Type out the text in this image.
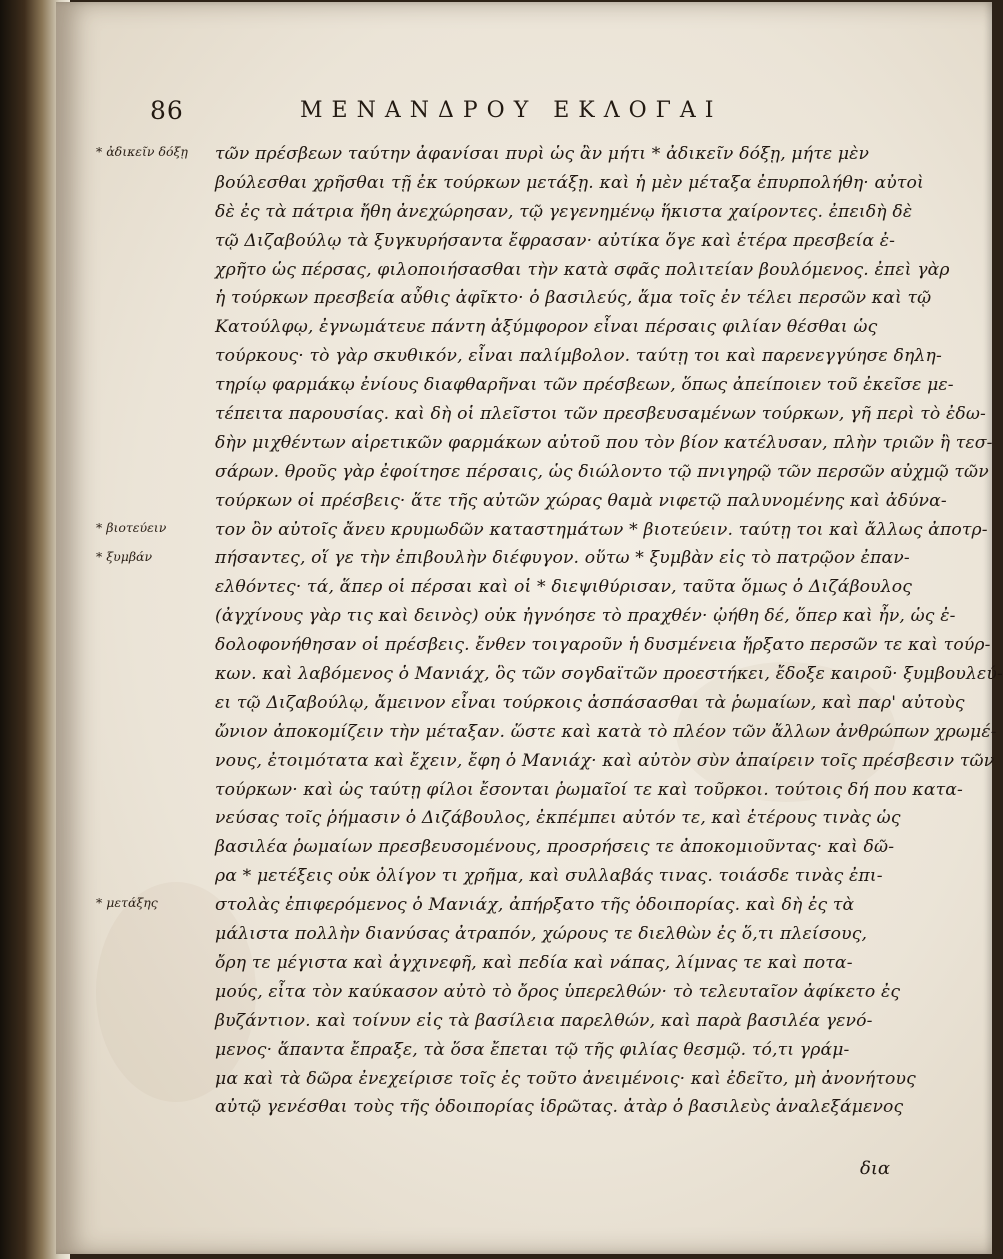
86	ΜΕΝΑΝΔΡΟΥ ΕΚΛΟΓΑΙ
* ἀδικεῖν δόξῃ
* βιοτεύειν
* ξυμβάν
* μετάξης
τῶν πρέσβεων ταύτην ἀφανίσαι πυρὶ ὡς ἂν μήτι * ἀδικεῖν δόξῃ, μήτε μὲν
βούλεσθαι χρῆσθαι τῇ ἐκ τούρκων μετάξῃ. καὶ ἡ μὲν μέταξα ἐπυρπολήθη· αὐτοὶ
δὲ ἐς τὰ πάτρια ἤθη ἀνεχώρησαν, τῷ γεγενημένῳ ἥκιστα χαίροντες. ἐπειδὴ δὲ
τῷ Διζαβούλῳ τὰ ξυγκυρήσαντα ἔφρασαν· αὐτίκα ὅγε καὶ ἑτέρα πρεσβεία ἐ-
χρῆτο ὡς πέρσας, φιλοποιήσασθαι τὴν κατὰ σφᾶς πολιτείαν βουλόμενος. ἐπεὶ γὰρ
ἡ τούρκων πρεσβεία αὖθις ἀφῖκτο· ὁ βασιλεύς, ἅμα τοῖς ἐν τέλει περσῶν καὶ τῷ
Κατούλφῳ, ἐγνωμάτευε πάντη ἀξύμφορον εἶναι πέρσαις φιλίαν θέσθαι ὡς
τούρκους· τὸ γὰρ σκυθικόν, εἶναι παλίμβολον. ταύτῃ τοι καὶ παρενεγγύησε δηλη-
τηρίῳ φαρμάκῳ ἐνίους διαφθαρῆναι τῶν πρέσβεων, ὅπως ἀπείποιεν τοῦ ἐκεῖσε με-
τέπειτα παρουσίας. καὶ δὴ οἱ πλεῖστοι τῶν πρεσβευσαμένων τούρκων, γῆ περὶ τὸ ἐδω-
δὴν μιχθέντων αἱρετικῶν φαρμάκων αὐτοῦ που τὸν βίον κατέλυσαν, πλὴν τριῶν ἢ τεσ-
σάρων. θροῦς γὰρ ἐφοίτησε πέρσαις, ὡς διώλοντο τῷ πνιγηρῷ τῶν περσῶν αὐχμῷ τῶν
τούρκων οἱ πρέσβεις· ἅτε τῆς αὐτῶν χώρας θαμὰ νιφετῷ παλυνομένης καὶ ἀδύνα-
τον ὂν αὐτοῖς ἄνευ κρυμωδῶν καταστημάτων * βιοτεύειν. ταύτῃ τοι καὶ ἄλλως ἀποτρ-
πήσαντες, οἵ γε τὴν ἐπιβουλὴν διέφυγον. οὕτω * ξυμβὰν εἰς τὸ πατρῷον ἐπαν-
ελθόντες· τά, ἅπερ οἱ πέρσαι καὶ οἱ * διεψιθύρισαν, ταῦτα ὅμως ὁ Διζάβουλος
(ἀγχίνους γὰρ τις καὶ δεινὸς) οὐκ ἠγνόησε τὸ πραχθέν· ᾠήθη δέ, ὅπερ καὶ ἦν, ὡς ἐ-
δολοφονήθησαν οἱ πρέσβεις. ἔνθεν τοιγαροῦν ἡ δυσμένεια ἤρξατο περσῶν τε καὶ τούρ-
κων. καὶ λαβόμενος ὁ Μανιάχ, ὃς τῶν σογδαϊτῶν προεστήκει, ἔδοξε καιροῦ· ξυμβουλεύ-
ει τῷ Διζαβούλῳ, ἄμεινον εἶναι τούρκοις ἀσπάσασθαι τὰ ῥωμαίων, καὶ παρ' αὐτοὺς
ὤνιον ἀποκομίζειν τὴν μέταξαν. ὥστε καὶ κατὰ τὸ πλέον τῶν ἄλλων ἀνθρώπων χρωμέ-
νους, ἐτοιμότατα καὶ ἔχειν, ἔφη ὁ Μανιάχ· καὶ αὐτὸν σὺν ἀπαίρειν τοῖς πρέσβεσιν τῶν
τούρκων· καὶ ὡς ταύτῃ φίλοι ἔσονται ῥωμαῖοί τε καὶ τοῦρκοι. τούτοις δή που κατα-
νεύσας τοῖς ῥήμασιν ὁ Διζάβουλος, ἐκπέμπει αὐτόν τε, καὶ ἑτέρους τινὰς ὡς
βασιλέα ῥωμαίων πρεσβευσομένους, προσρήσεις τε ἀποκομιοῦντας· καὶ δῶ-
ρα * μετέξεις οὐκ ὀλίγον τι χρῆμα, καὶ συλλαβάς τινας. τοιάσδε τινὰς ἐπι-
στολὰς ἐπιφερόμενος ὁ Μανιάχ, ἀπήρξατο τῆς ὁδοιπορίας. καὶ δὴ ἐς τὰ
μάλιστα πολλὴν διανύσας ἀτραπόν, χώρους τε διελθὼν ἐς ὅ,τι πλείσους,
ὄρη τε μέγιστα καὶ ἀγχινεφῆ, καὶ πεδία καὶ νάπας, λίμνας τε καὶ ποτα-
μούς, εἶτα τὸν καύκασον αὐτὸ τὸ ὄρος ὑπερελθών· τὸ τελευταῖον ἀφίκετο ἐς
βυζάντιον. καὶ τοίνυν εἰς τὰ βασίλεια παρελθών, καὶ παρὰ βασιλέα γενό-
μενος· ἅπαντα ἔπραξε, τὰ ὅσα ἔπεται τῷ τῆς φιλίας θεσμῷ. τό,τι γράμ-
μα καὶ τὰ δῶρα ἐνεχείρισε τοῖς ἐς τοῦτο ἀνειμένοις· καὶ ἐδεῖτο, μὴ ἀνονήτους
αὐτῷ γενέσθαι τοὺς τῆς ὁδοιπορίας ἱδρῶτας. ἀτὰρ ὁ βασιλεὺς ἀναλεξάμενος
δια
